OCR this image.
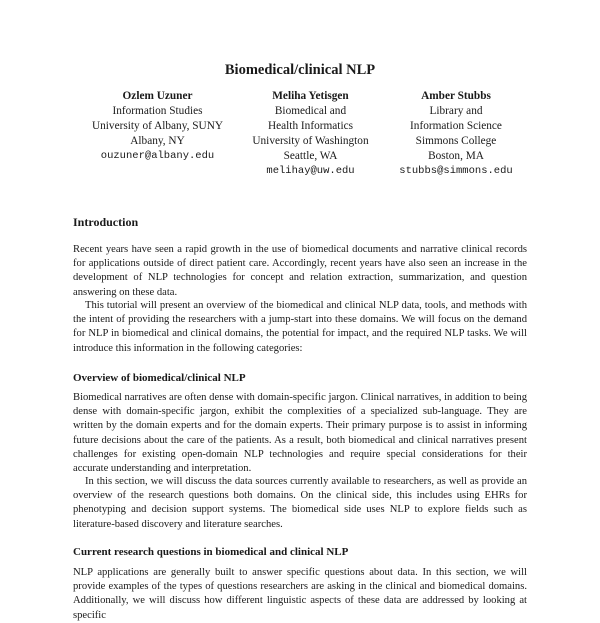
Biomedical/clinical NLP
Ozlem Uzuner
Information Studies
University of Albany, SUNY
Albany, NY
ouzuner@albany.edu
Meliha Yetisgen
Biomedical and
Health Informatics
University of Washington
Seattle, WA
melihay@uw.edu
Amber Stubbs
Library and
Information Science
Simmons College
Boston, MA
stubbs@simmons.edu
Introduction

Recent years have seen a rapid growth in the use of biomedical documents and narrative clinical records for applications outside of direct patient care. Accordingly, recent years have also seen an increase in the development of NLP technologies for concept and relation extraction, summarization, and question answering on these data.

This tutorial will present an overview of the biomedical and clinical NLP data, tools, and methods with the intent of providing the researchers with a jump-start into these domains. We will focus on the demand for NLP in biomedical and clinical domains, the potential for impact, and the required NLP tasks. We will introduce this information in the following categories:

Overview of biomedical/clinical NLP

Biomedical narratives are often dense with domain-specific jargon. Clinical narratives, in addition to being dense with domain-specific jargon, exhibit the complexities of a specialized sub-language. They are written by the domain experts and for the domain experts. Their primary purpose is to assist in informing future decisions about the care of the patients. As a result, both biomedical and clinical narratives present challenges for existing open-domain NLP technologies and require special considerations for their accurate understanding and interpretation.

In this section, we will discuss the data sources currently available to researchers, as well as provide an overview of the research questions both domains. On the clinical side, this includes using EHRs for phenotyping and decision support systems. The biomedical side uses NLP to explore fields such as literature-based discovery and literature searches.

Current research questions in biomedical and clinical NLP

NLP applications are generally built to answer specific questions about data. In this section, we will provide examples of the types of questions researchers are asking in the clinical and biomedical domains. Additionally, we will discuss how different linguistic aspects of these data are addressed by looking at specific
